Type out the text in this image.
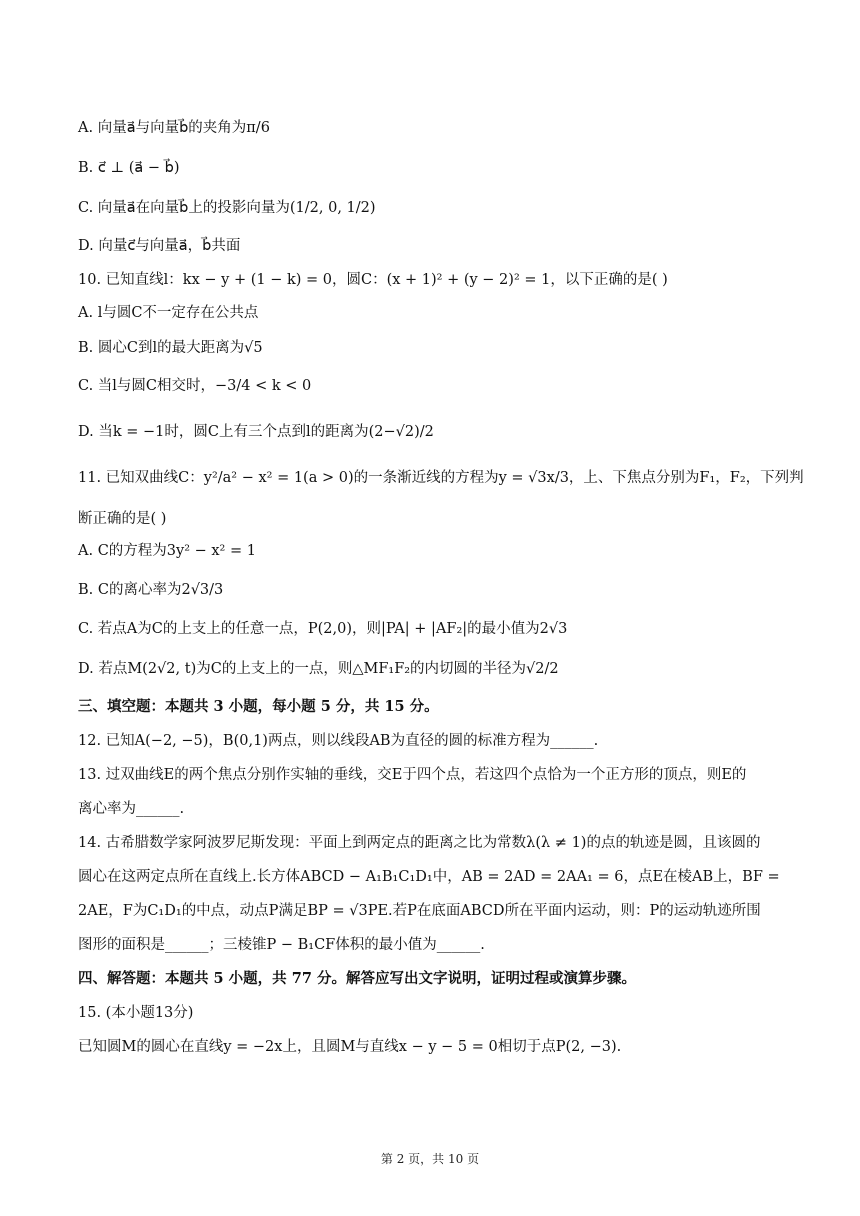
A. 向量a⃗与向量b⃗的夹角为π/6
B. c⃗ ⊥ (a⃗ − b⃗)
C. 向量a⃗在向量b⃗上的投影向量为(1/2, 0, 1/2)
D. 向量c⃗与向量a⃗，b⃗共面
10. 已知直线l：kx − y + (1 − k) = 0，圆C：(x + 1)² + (y − 2)² = 1，以下正确的是( )
A. l与圆C不一定存在公共点
B. 圆心C到l的最大距离为√5
C. 当l与圆C相交时，−3/4 < k < 0
D. 当k = −1时，圆C上有三个点到l的距离为(2−√2)/2
11. 已知双曲线C：y²/a² − x² = 1(a > 0)的一条渐近线的方程为y = √3x/3，上、下焦点分别为F₁，F₂，下列判
断正确的是( )
A. C的方程为3y² − x² = 1
B. C的离心率为2√3/3
C. 若点A为C的上支上的任意一点，P(2,0)，则|PA| + |AF₂|的最小值为2√3
D. 若点M(2√2, t)为C的上支上的一点，则△MF₁F₂的内切圆的半径为√2/2
三、填空题：本题共 3 小题，每小题 5 分，共 15 分。
12. 已知A(−2, −5)，B(0,1)两点，则以线段AB为直径的圆的标准方程为______.
13. 过双曲线E的两个焦点分别作实轴的垂线，交E于四个点，若这四个点恰为一个正方形的顶点，则E的
离心率为______.
14. 古希腊数学家阿波罗尼斯发现：平面上到两定点的距离之比为常数λ(λ ≠ 1)的点的轨迹是圆，且该圆的
圆心在这两定点所在直线上.长方体ABCD − A₁B₁C₁D₁中，AB = 2AD = 2AA₁ = 6，点E在棱AB上，BF =
2AE，F为C₁D₁的中点，动点P满足BP = √3PE.若P在底面ABCD所在平面内运动，则：P的运动轨迹所围
图形的面积是______；三棱锥P − B₁CF体积的最小值为______.
四、解答题：本题共 5 小题，共 77 分。解答应写出文字说明，证明过程或演算步骤。
15. (本小题13分)
已知圆M的圆心在直线y = −2x上，且圆M与直线x − y − 5 = 0相切于点P(2, −3).
第 2 页，共 10 页
